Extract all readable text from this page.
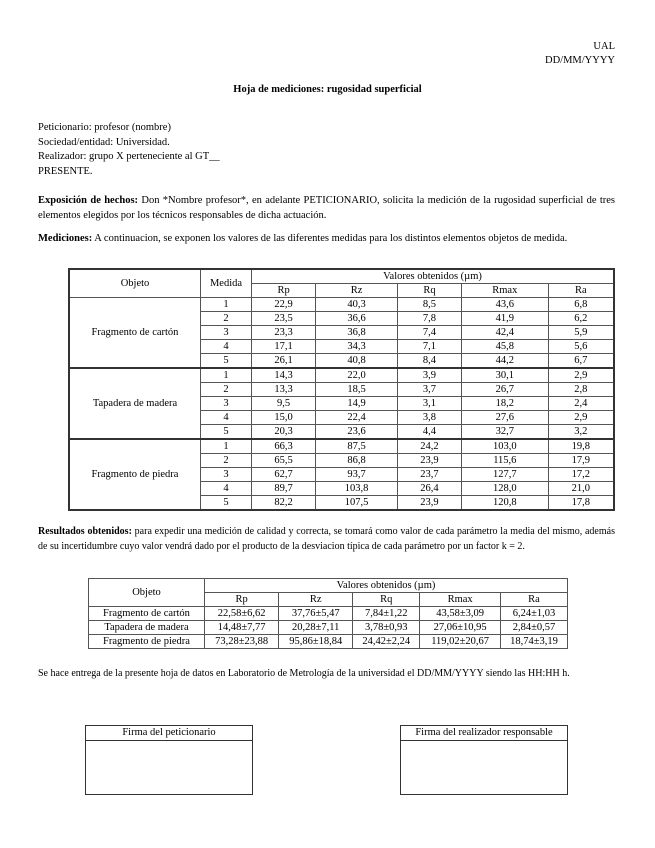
UAL
DD/MM/YYYY
Hoja de mediciones: rugosidad superficial
Peticionario: profesor (nombre)
Sociedad/entidad: Universidad.
Realizador: grupo X perteneciente al GT__
PRESENTE.

Exposición de hechos: Don *Nombre profesor*, en adelante PETICIONARIO, solicita la medición de la rugosidad superficial de tres elementos elegidos por los técnicos responsables de dicha actuación.

Mediciones: A continuacion, se exponen los valores de las diferentes medidas para los distintos elementos objetos de medida.

Objeto	Medida	Valores obtenidos (µm)				
		Rp	Rz	Rq	Rmax	Ra
Fragmento de cartón	1	22,9	40,3	8,5	43,6	6,8
	2	23,5	36,6	7,8	41,9	6,2
	3	23,3	36,8	7,4	42,4	5,9
	4	17,1	34,3	7,1	45,8	5,6
	5	26,1	40,8	8,4	44,2	6,7
Tapadera de madera	1	14,3	22,0	3,9	30,1	2,9
	2	13,3	18,5	3,7	26,7	2,8
	3	9,5	14,9	3,1	18,2	2,4
	4	15,0	22,4	3,8	27,6	2,9
	5	20,3	23,6	4,4	32,7	3,2
Fragmento de piedra	1	66,3	87,5	24,2	103,0	19,8
	2	65,5	86,8	23,9	115,6	17,9
	3	62,7	93,7	23,7	127,7	17,2
	4	89,7	103,8	26,4	128,0	21,0
	5	82,2	107,5	23,9	120,8	17,8

Resultados obtenidos: para expedir una medición de calidad y correcta, se tomará como valor de cada parámetro la media del mismo, además de su incertidumbre cuyo valor vendrá dado por el producto de la desviacion típica de cada parámetro por un factor k = 2.

Objeto	Valores obtenidos (µm)				
	Rp	Rz	Rq	Rmax	Ra
Fragmento de cartón	22,58±6,62	37,76±5,47	7,84±1,22	43,58±3,09	6,24±1,03
Tapadera de madera	14,48±7,77	20,28±7,11	3,78±0,93	27,06±10,95	2,84±0,57
Fragmento de piedra	73,28±23,88	95,86±18,84	24,42±2,24	119,02±20,67	18,74±3,19

Se hace entrega de la presente hoja de datos en Laboratorio de Metrología de la universidad el DD/MM/YYYY siendo las HH:HH h.

Firma del peticionario	Firma del realizador responsable
